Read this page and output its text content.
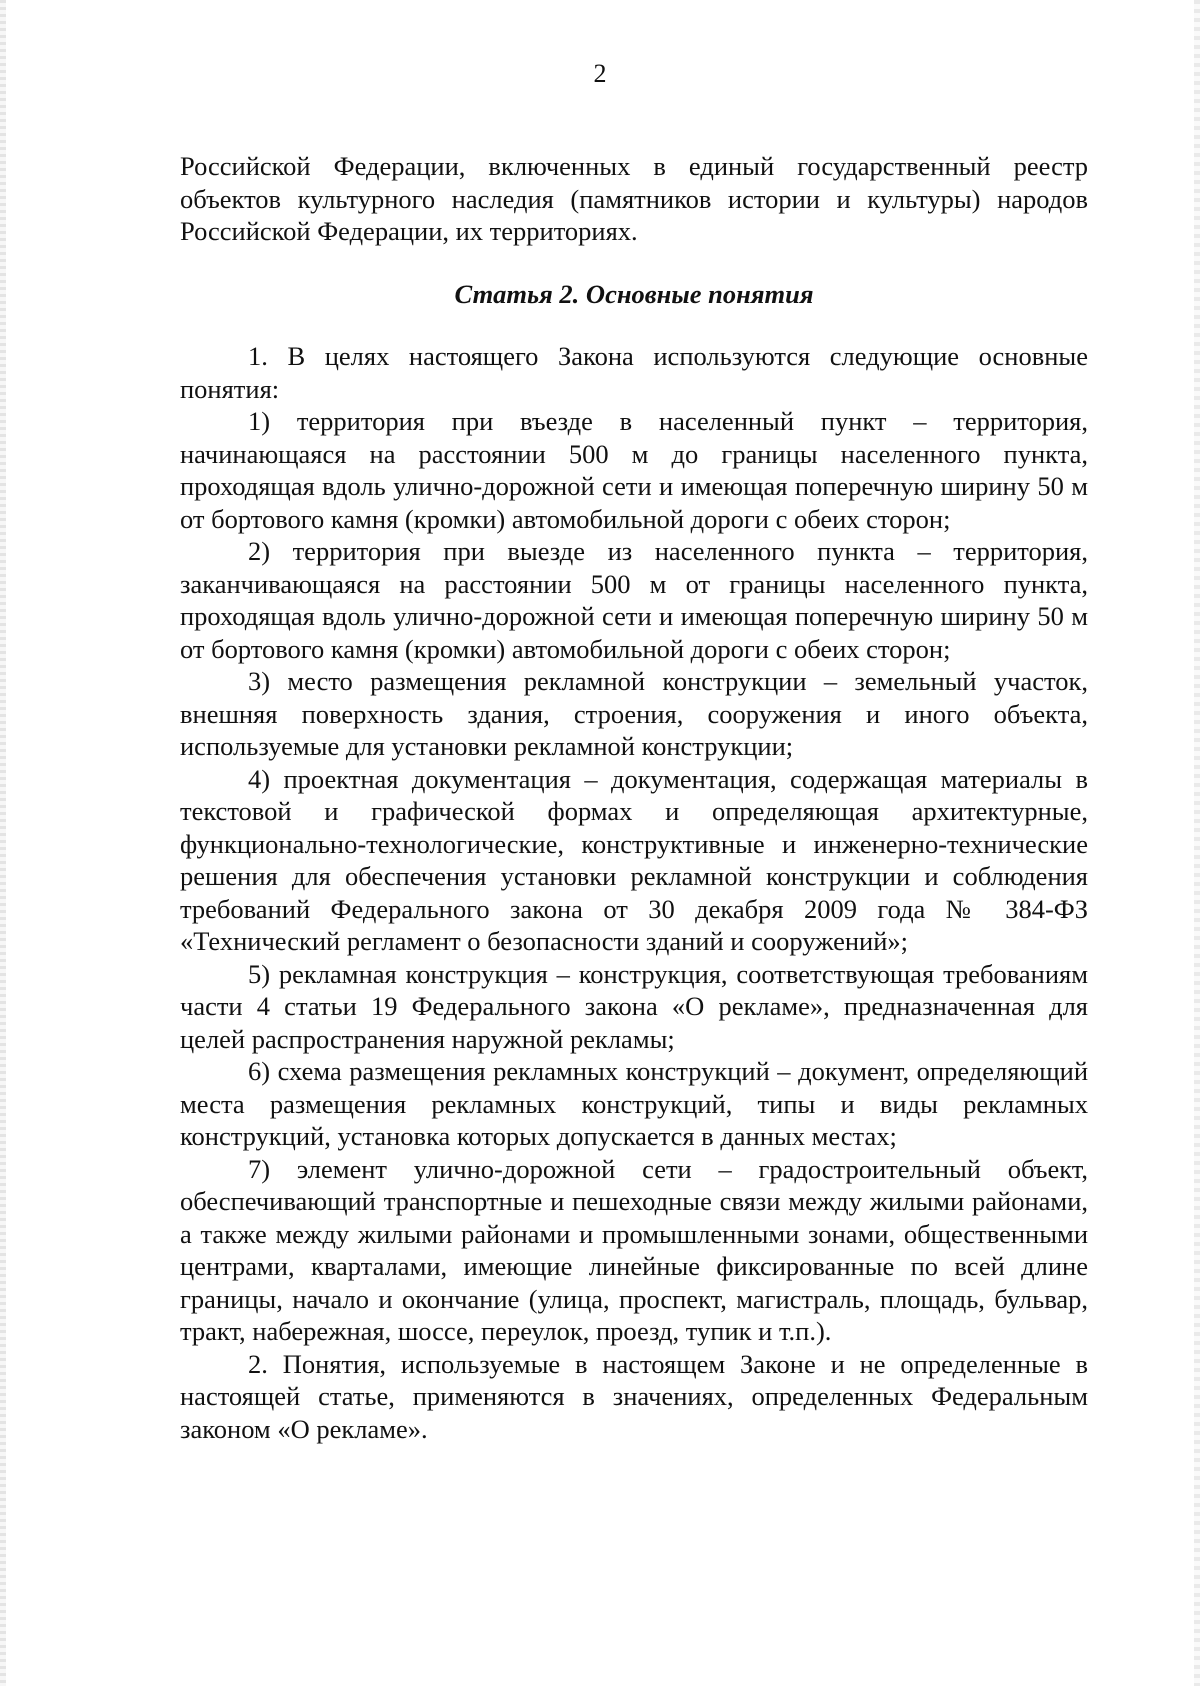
2

Российской Федерации, включенных в единый государственный реестр объектов культурного наследия (памятников истории и культуры) народов Российской Федерации, их территориях.

Статья 2. Основные понятия

1. В целях настоящего Закона используются следующие основные понятия:

1) территория при въезде в населенный пункт – территория, начинающаяся на расстоянии 500 м до границы населенного пункта, проходящая вдоль улично-дорожной сети и имеющая поперечную ширину 50 м от бортового камня (кромки) автомобильной дороги с обеих сторон;

2) территория при выезде из населенного пункта – территория, заканчивающаяся на расстоянии 500 м от границы населенного пункта, проходящая вдоль улично-дорожной сети и имеющая поперечную ширину 50 м от бортового камня (кромки) автомобильной дороги с обеих сторон;

3) место размещения рекламной конструкции – земельный участок, внешняя поверхность здания, строения, сооружения и иного объекта, используемые для установки рекламной конструкции;

4) проектная документация – документация, содержащая материалы в текстовой и графической формах и определяющая архитектурные, функционально-технологические, конструктивные и инженерно-технические решения для обеспечения установки рекламной конструкции и соблюдения требований Федерального закона от 30 декабря 2009 года № 384-ФЗ «Технический регламент о безопасности зданий и сооружений»;

5) рекламная конструкция – конструкция, соответствующая требованиям части 4 статьи 19 Федерального закона «О рекламе», предназначенная для целей распространения наружной рекламы;

6) схема размещения рекламных конструкций – документ, определяющий места размещения рекламных конструкций, типы и виды рекламных конструкций, установка которых допускается в данных местах;

7) элемент улично-дорожной сети – градостроительный объект, обеспечивающий транспортные и пешеходные связи между жилыми районами, а также между жилыми районами и промышленными зонами, общественными центрами, кварталами, имеющие линейные фиксированные по всей длине границы, начало и окончание (улица, проспект, магистраль, площадь, бульвар, тракт, набережная, шоссе, переулок, проезд, тупик и т.п.).

2. Понятия, используемые в настоящем Законе и не определенные в настоящей статье, применяются в значениях, определенных Федеральным законом «О рекламе».
